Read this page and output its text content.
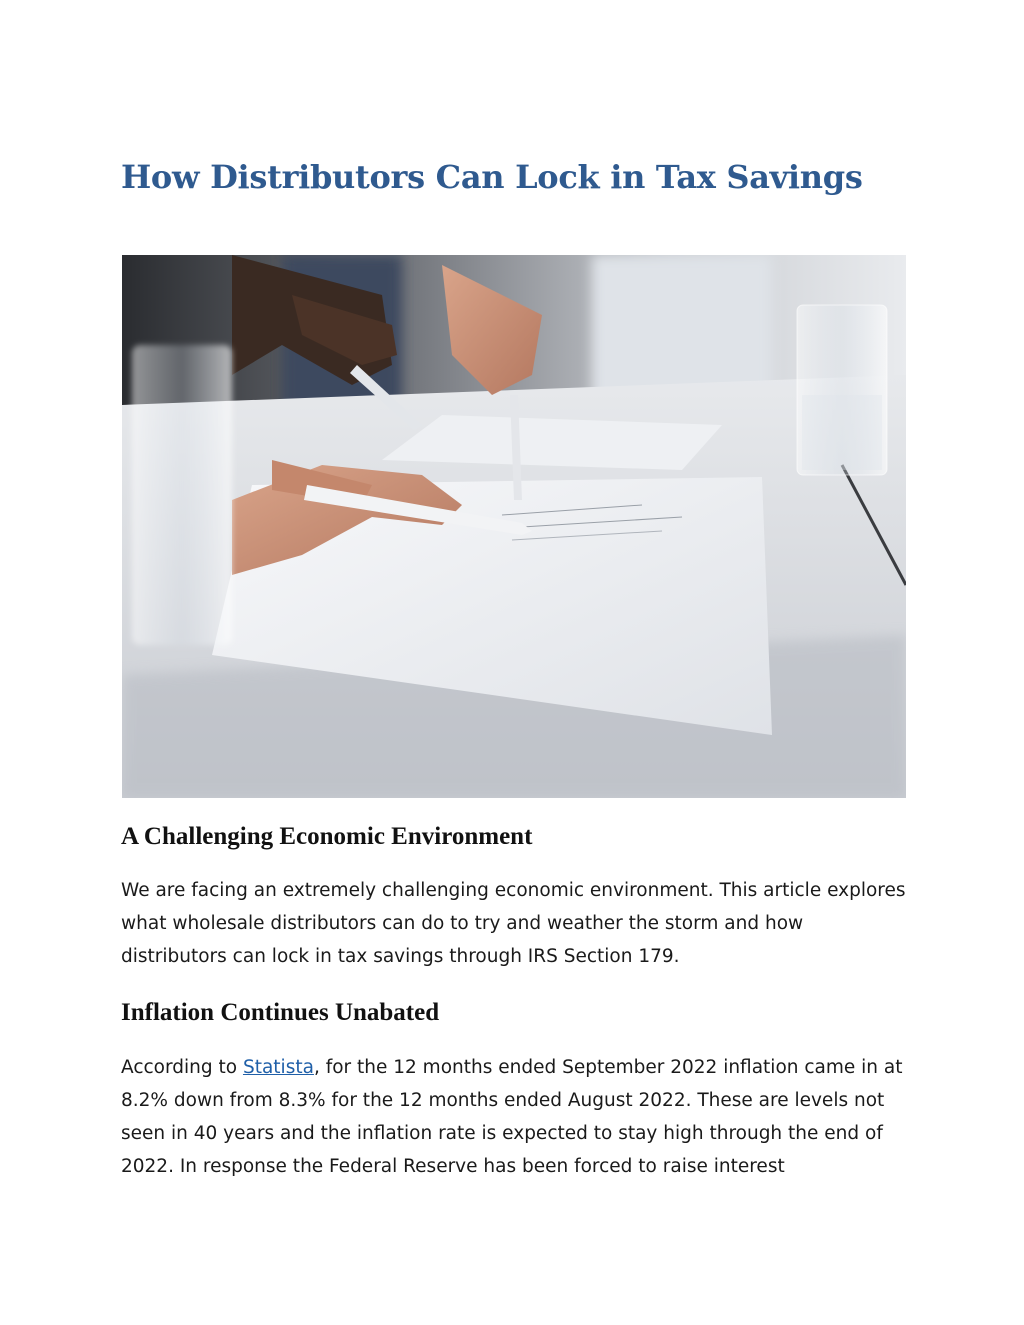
How Distributors Can Lock in Tax Savings
A Challenging Economic Environment

We are facing an extremely challenging economic environment. This article explores what wholesale distributors can do to try and weather the storm and how distributors can lock in tax savings through IRS Section 179.

Inflation Continues Unabated

According to Statista, for the 12 months ended September 2022 inflation came in at 8.2% down from 8.3% for the 12 months ended August 2022. These are levels not seen in 40 years and the inflation rate is expected to stay high through the end of 2022. In response the Federal Reserve has been forced to raise interest
